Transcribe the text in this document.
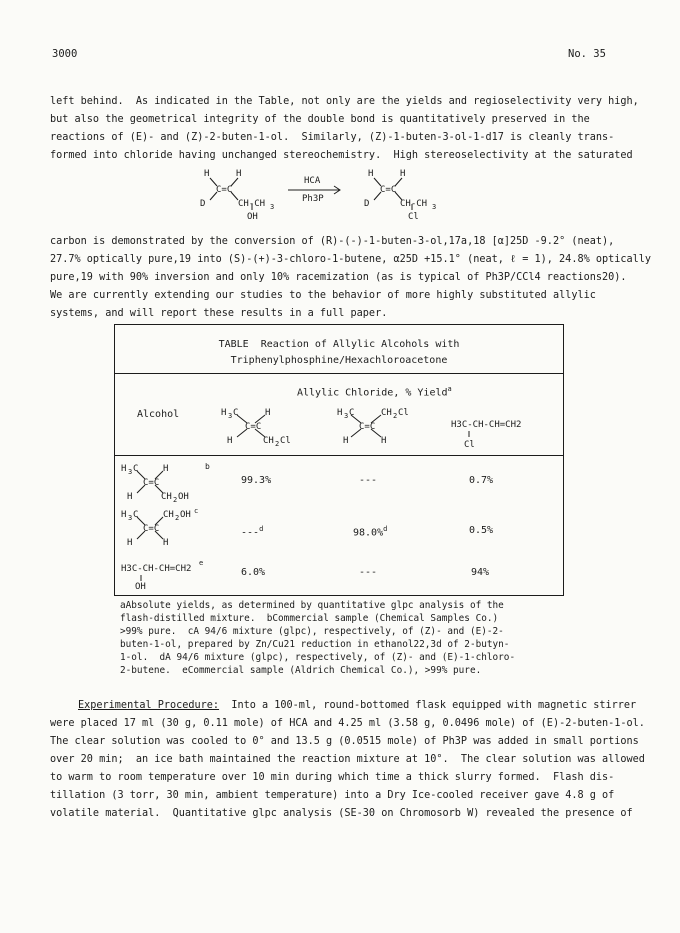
3000	No. 35
left behind.  As indicated in the Table, not only are the yields and regioselectivity very high,
but also the geometrical integrity of the double bond is quantitatively preserved in the
reactions of (E)- and (Z)-2-buten-1-ol.  Similarly, (Z)-1-buten-3-ol-1-d17 is cleanly trans-
formed into chloride having unchanged stereochemistry.  High stereoselectivity at the saturated
H	H
C=C
D	CH-CH 3
OH
HCA
Ph3P
H	H
C=C
D	CH-CH 3
Cl
carbon is demonstrated by the conversion of (R)-(-)-1-buten-3-ol,17a,18 [α]25D -9.2° (neat),
27.7% optically pure,19 into (S)-(+)-3-chloro-1-butene, α25D +15.1° (neat, ℓ = 1), 24.8% optically
pure,19 with 90% inversion and only 10% racemization (as is typical of Ph3P/CCl4 reactions20).
We are currently extending our studies to the behavior of more highly substituted allylic
systems, and will report these results in a full paper.
TABLE  Reaction of Allylic Alcohols with
Triphenylphosphine/Hexachloroacetone
Allylic Chloride, % Yield$^a$
Alcohol	H 3 C	H
C=C
H	CH 2 Cl
H 3 C	CH 2 Cl
C=C
H	H
H3C-CH-CH=CH2
Cl
H 3 C	H
C=C
H	CH 2 OH
b
99.3%	---	0.7%
H 3 C	CH 2 OH c
C=C
H	H
---$^d$	98.0%$^d$	0.5%
H3C-CH-CH=CH2
e
OH
6.0%	---	94%
aAbsolute yields, as determined by quantitative glpc analysis of the
flash-distilled mixture.  bCommercial sample (Chemical Samples Co.)
>99% pure.  cA 94/6 mixture (glpc), respectively, of (Z)- and (E)-2-
buten-1-ol, prepared by Zn/Cu21 reduction in ethanol22,3d of 2-butyn-
1-ol.  dA 94/6 mixture (glpc), respectively, of (Z)- and (E)-1-chloro-
2-butene.  eCommercial sample (Aldrich Chemical Co.), >99% pure.
Experimental Procedure:  Into a 100-ml, round-bottomed flask equipped with magnetic stirrer
were placed 17 ml (30 g, 0.11 mole) of HCA and 4.25 ml (3.58 g, 0.0496 mole) of (E)-2-buten-1-ol.
The clear solution was cooled to 0° and 13.5 g (0.0515 mole) of Ph3P was added in small portions
over 20 min;  an ice bath maintained the reaction mixture at 10°.  The clear solution was allowed
to warm to room temperature over 10 min during which time a thick slurry formed.  Flash dis-
tillation (3 torr, 30 min, ambient temperature) into a Dry Ice-cooled receiver gave 4.8 g of
volatile material.  Quantitative glpc analysis (SE-30 on Chromosorb W) revealed the presence of
